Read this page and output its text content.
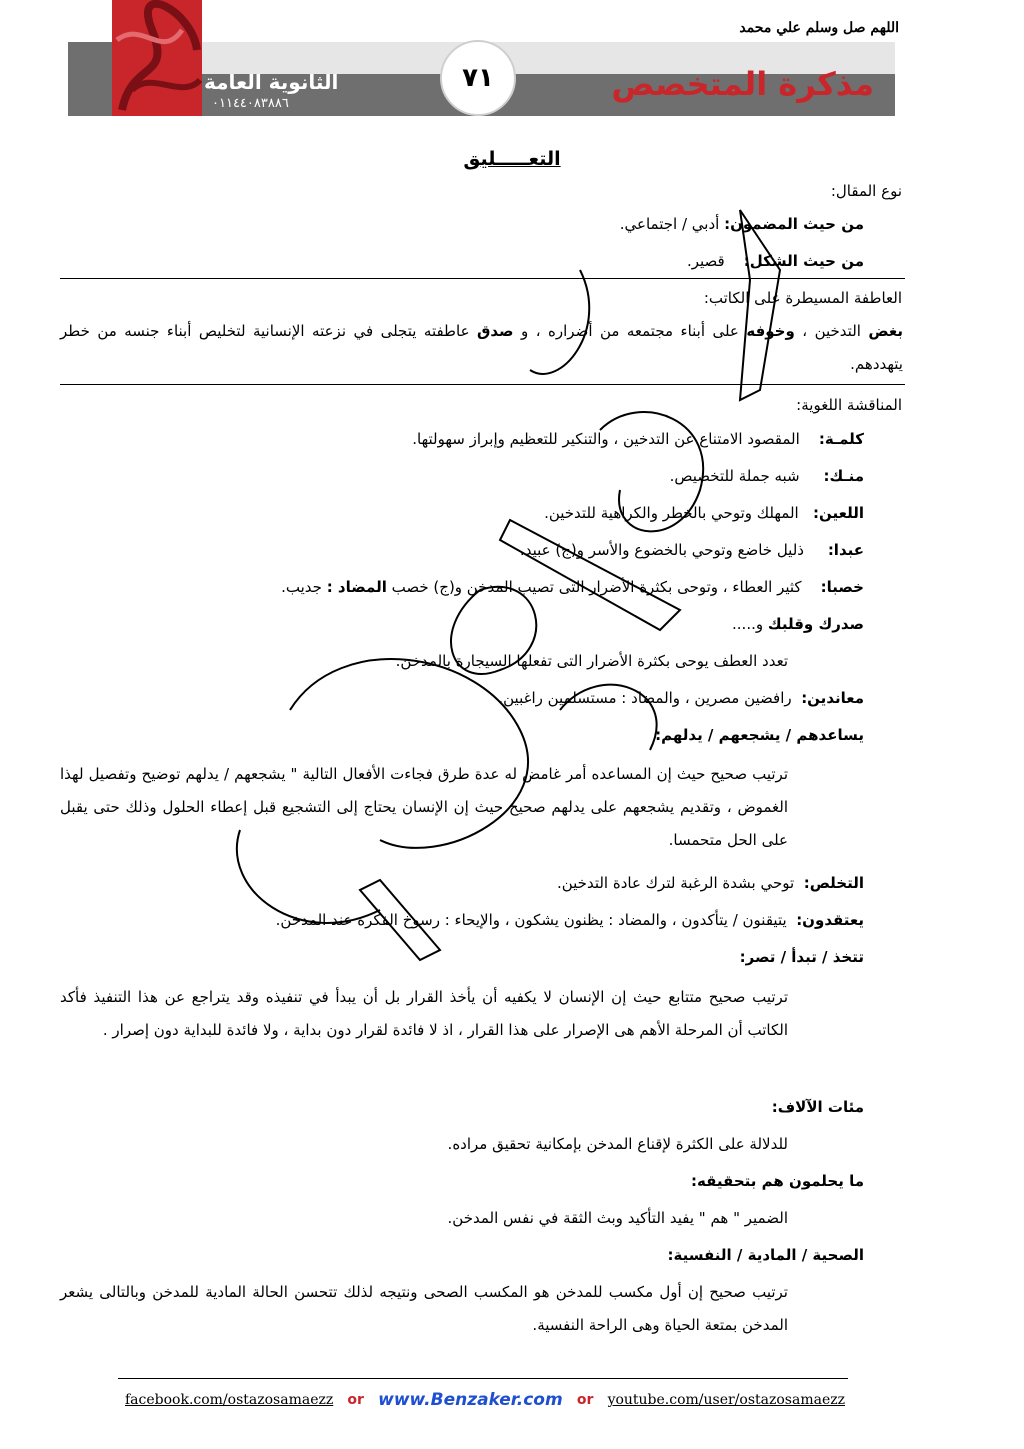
اللهم صل وسلم علي محمد
الثانوية العامة
٠١١٤٤٠٨٣٨٨٦
٧١	مذكرة المتخصص
التعـــــليق
نوع المقال:
من حيث المضمون: أدبي / اجتماعي.
من حيث الشكل:    قصير.
العاطفة المسيطرة على الكاتب:
بغض التدخين ، وخوفه على أبناء مجتمعه من أضراره ، و صدق عاطفته يتجلى في نزعته الإنسانية لتخليص أبناء جنسه من خطر يتهددهم.
المناقشة اللغوية:
كلمـة:    المقصود الامتناع عن التدخين ، والتنكير للتعظيم وإبراز سهولتها.
منـك:     شبه جملة للتخصيص.
اللعين:   المهلك وتوحي بالخطر والكراهية للتدخين.
عبدا:     ذليل خاضع وتوحي بالخضوع والأسر و(ج) عبيد.
خصبا:    كثير العطاء ، وتوحى بكثرة الأضرار التى تصيب المدخن و(ج) خصب المضاد : جديب.
صدرك وقلبك و.....
تعدد العطف يوحى بكثرة الأضرار التى تفعلها السيجارة بالمدخن.
معاندين:  رافضين مصرين ، والمضاد : مستسلمين راغبين.
يساعدهم / يشجعهم / يدلهم:
ترتيب صحيح حيث إن المساعده أمر غامض له عدة طرق فجاءت الأفعال التالية " يشجعهم / يدلهم توضيح وتفصيل لهذا الغموض ، وتقديم يشجعهم على يدلهم صحيح حيث إن الإنسان يحتاج إلى التشجيع قبل إعطاء الحلول وذلك حتى يقبل على الحل متحمسا.
التخلص:  توحي بشدة الرغبة لترك عادة التدخين.
يعتقدون:  يتيقنون / يتأكدون ، والمضاد : يظنون يشكون ، والإيحاء : رسوخ الفكرة عند المدخن.
تتخذ / تبدأ / تصر:
ترتيب صحيح متتابع حيث إن الإنسان لا يكفيه أن يأخذ القرار بل أن يبدأ في تنفيذه وقد يتراجع عن هذا التنفيذ فأكد الكاتب أن المرحلة الأهم هى الإصرار على هذا القرار ، اذ لا فائدة لقرار دون بداية ، ولا فائدة للبداية دون إصرار .
مئات الآلاف:
للدلالة على الكثرة لإقناع المدخن بإمكانية تحقيق مراده.
ما يحلمون هم بتحقيقه:
الضمير " هم " يفيد التأكيد وبث الثقة في نفس المدخن.
الصحية / المادية / النفسية:
ترتيب صحيح إن أول مكسب للمدخن هو المكسب الصحى ونتيجه لذلك تتحسن الحالة المادية للمدخن وبالتالى يشعر المدخن بمتعة الحياة وهى الراحة النفسية.
facebook.com/ostazosamaezz or www.Benzaker.com or youtube.com/user/ostazosamaezz
